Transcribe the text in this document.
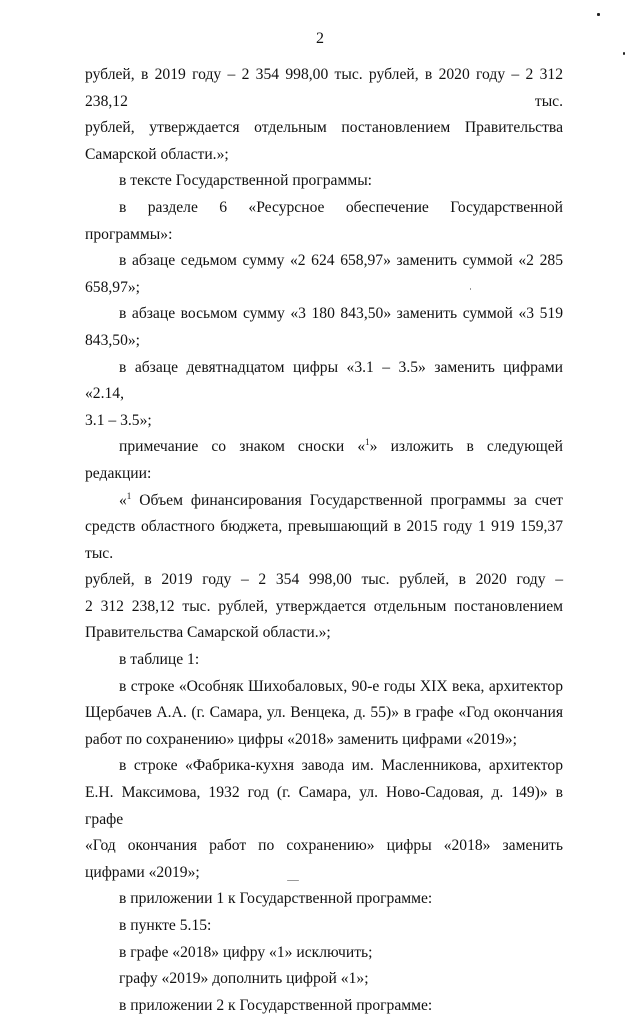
2

рублей, в 2019 году – 2 354 998,00 тыс. рублей, в 2020 году – 2 312 238,12 тыс.

рублей, утверждается отдельным постановлением Правительства

Самарской области.»;

в тексте Государственной программы:

в разделе 6 «Ресурсное обеспечение Государственной программы»:

в абзаце седьмом сумму «2 624 658,97» заменить суммой «2 285 658,97»;

в абзаце восьмом сумму «3 180 843,50» заменить суммой «3 519 843,50»;

в абзаце девятнадцатом цифры «3.1 – 3.5» заменить цифрами «2.14,

3.1 – 3.5»;

примечание со знаком сноски «$^1$» изложить в следующей редакции:

«$^1$ Объем финансирования Государственной программы за счет

средств областного бюджета, превышающий в 2015 году 1 919 159,37 тыс.

рублей, в 2019 году – 2 354 998,00 тыс. рублей, в 2020 году –

2 312 238,12 тыс. рублей, утверждается отдельным постановлением

Правительства Самарской области.»;

в таблице 1:

в строке «Особняк Шихобаловых, 90-е годы XIX века, архитектор

Щербачев А.А. (г. Самара, ул. Венцека, д. 55)» в графе «Год окончания

работ по сохранению» цифры «2018» заменить цифрами «2019»;

в строке «Фабрика-кухня завода им. Масленникова, архитектор

Е.Н. Максимова, 1932 год (г. Самара, ул. Ново-Садовая, д. 149)» в графе

«Год окончания работ по сохранению» цифры «2018» заменить

цифрами «2019»;

в приложении 1 к Государственной программе:

в пункте 5.15:

в графе «2018» цифру «1» исключить;

графу «2019» дополнить цифрой «1»;

в приложении 2 к Государственной программе:
